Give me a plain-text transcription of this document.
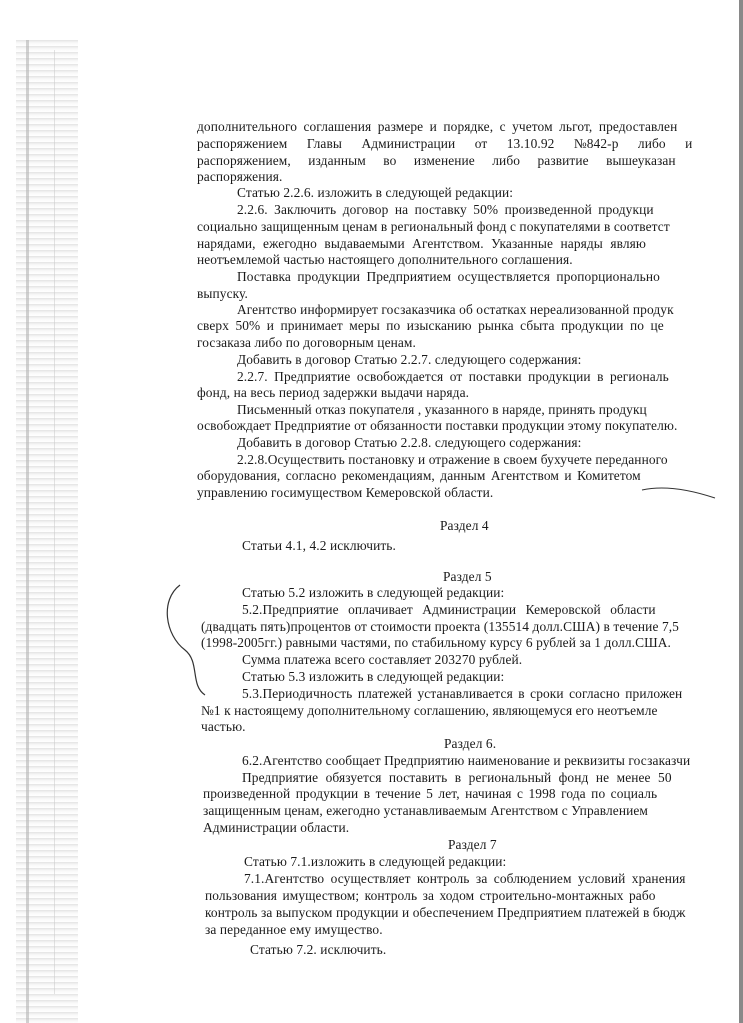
дополнительного соглашения размере и порядке, с учетом льгот, предоставлен
распоряжением Главы Администрации от 13.10.92 №842-р либо и
распоряжением, изданным во изменение либо развитие вышеуказан
распоряжения.
Статью 2.2.6. изложить в следующей редакции:
2.2.6. Заключить договор на поставку 50% произведенной продукци
социально защищенным ценам в региональный фонд с покупателями в соответст
нарядами, ежегодно выдаваемыми Агентством. Указанные наряды являю
неотъемлемой частью настоящего дополнительного соглашения.
Поставка продукции Предприятием осуществляется пропорционально
выпуску.
Агентство информирует госзаказчика об остатках нереализованной продук
сверх 50% и принимает меры по изысканию рынка сбыта продукции по це
госзаказа либо по договорным ценам.
Добавить в договор Статью 2.2.7. следующего содержания:
2.2.7. Предприятие освобождается от поставки продукции в региональ
фонд, на весь период задержки выдачи наряда.
Письменный отказ покупателя , указанного в наряде, принять продукц
освобождает Предприятие от обязанности поставки продукции этому покупателю.
Добавить в договор Статью 2.2.8. следующего содержания:
2.2.8.Осуществить постановку и отражение в своем бухучете переданного
оборудования, согласно рекомендациям, данным Агентством и Комитетом
управлению госимуществом Кемеровской области.
Раздел 4
Статьи 4.1, 4.2 исключить.
Раздел 5
Статью 5.2 изложить в следующей редакции:
5.2.Предприятие оплачивает Администрации Кемеровской области
(двадцать пять)процентов от стоимости проекта (135514 долл.США) в течение 7,5
(1998-2005гг.) равными частями, по стабильному курсу 6 рублей за 1 долл.США.
Сумма платежа всего составляет 203270 рублей.
Статью 5.3 изложить в следующей редакции:
5.3.Периодичность платежей устанавливается в сроки согласно приложен
№1 к настоящему дополнительному соглашению, являющемуся его неотъемле
частью.
Раздел 6.
6.2.Агентство сообщает Предприятию наименование и реквизиты госзаказчи
Предприятие обязуется поставить в региональный фонд не менее 50
произведенной продукции в течение 5 лет, начиная с 1998 года по социаль
защищенным ценам, ежегодно устанавливаемым Агентством с Управлением
Администрации области.
Раздел 7
Статью 7.1.изложить в следующей редакции:
7.1.Агентство осуществляет контроль за соблюдением условий хранения
пользования имуществом; контроль за ходом строительно-монтажных рабо
контроль за выпуском продукции и обеспечением Предприятием платежей в бюдж
за переданное ему имущество.
Статью 7.2. исключить.
